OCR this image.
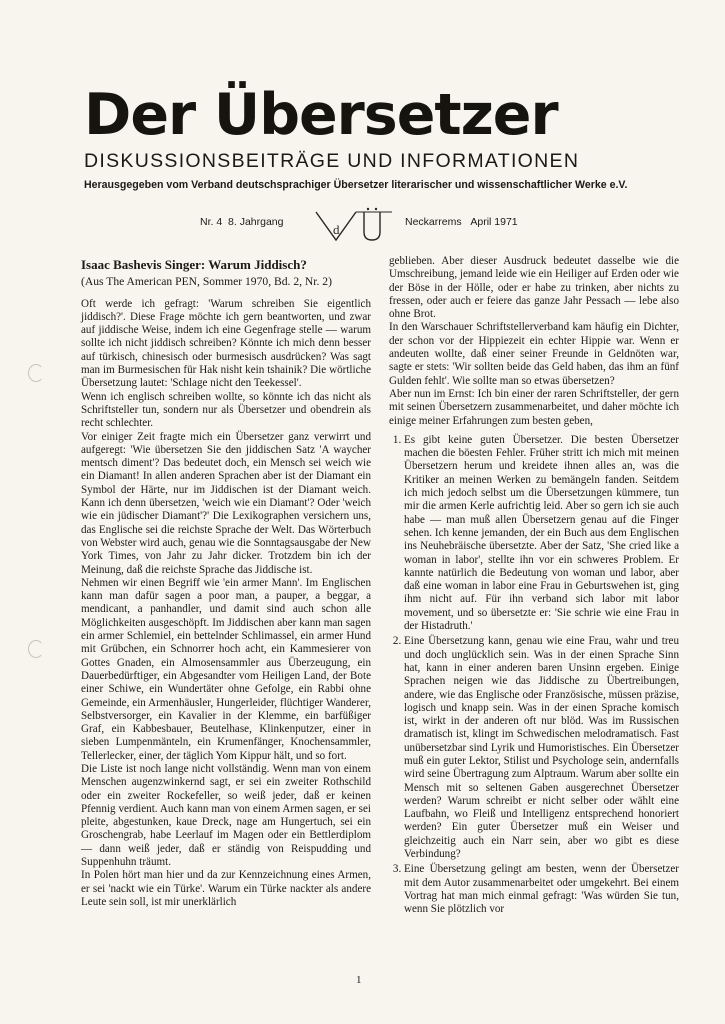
Der Übersetzer
DISKUSSIONSBEITRÄGE UND INFORMATIONEN
Herausgegeben vom Verband deutschsprachiger Übersetzer literarischer und wissenschaftlicher Werke e.V.
Nr. 4 8. Jahrgang	d	Neckarrems April 1971
Isaac Bashevis Singer: Warum Jiddisch?
(Aus The American PEN, Sommer 1970, Bd. 2, Nr. 2)

Oft werde ich gefragt: 'Warum schreiben Sie eigentlich jiddisch?'. Diese Frage möchte ich gern beantworten, und zwar auf jiddische Weise, indem ich eine Gegenfrage stelle — warum sollte ich nicht jiddisch schreiben? Könnte ich mich denn besser auf türkisch, chinesisch oder burmesisch ausdrücken? Was sagt man im Burmesischen für Hak nisht kein tshainik? Die wörtliche Übersetzung lautet: 'Schlage nicht den Teekessel'.

Wenn ich englisch schreiben wollte, so könnte ich das nicht als Schriftsteller tun, sondern nur als Übersetzer und obendrein als recht schlechter.

Vor einiger Zeit fragte mich ein Übersetzer ganz verwirrt und aufgeregt: 'Wie übersetzen Sie den jiddischen Satz 'A waycher mentsch diment'? Das bedeutet doch, ein Mensch sei weich wie ein Diamant! In allen anderen Sprachen aber ist der Diamant ein Symbol der Härte, nur im Jiddischen ist der Diamant weich. Kann ich denn übersetzen, 'weich wie ein Diamant'? Oder 'weich wie ein jüdischer Diamant'?' Die Lexikographen versichern uns, das Englische sei die reichste Sprache der Welt. Das Wörterbuch von Webster wird auch, genau wie die Sonntagsausgabe der New York Times, von Jahr zu Jahr dicker. Trotzdem bin ich der Meinung, daß die reichste Sprache das Jiddische ist.

Nehmen wir einen Begriff wie 'ein armer Mann'. Im Englischen kann man dafür sagen a poor man, a pauper, a beggar, a mendicant, a panhandler, und damit sind auch schon alle Möglichkeiten ausgeschöpft. Im Jiddischen aber kann man sagen ein armer Schlemiel, ein bettelnder Schlimassel, ein armer Hund mit Grübchen, ein Schnorrer hoch acht, ein Kammesierer von Gottes Gnaden, ein Almosensammler aus Überzeugung, ein Dauerbedürftiger, ein Abgesandter vom Heiligen Land, der Bote einer Schiwe, ein Wundertäter ohne Gefolge, ein Rabbi ohne Gemeinde, ein Armenhäusler, Hungerleider, flüchtiger Wanderer, Selbstversorger, ein Kavalier in der Klemme, ein barfüßiger Graf, ein Kabbesbauer, Beutelhase, Klinkenputzer, einer in sieben Lumpenmänteln, ein Krumenfänger, Knochensammler, Tellerlecker, einer, der täglich Yom Kippur hält, und so fort.

Die Liste ist noch lange nicht vollständig. Wenn man von einem Menschen augenzwinkernd sagt, er sei ein zweiter Rothschild oder ein zweiter Rockefeller, so weiß jeder, daß er keinen Pfennig verdient. Auch kann man von einem Armen sagen, er sei pleite, abgestunken, kaue Dreck, nage am Hungertuch, sei ein Groschengrab, habe Leerlauf im Magen oder ein Bettlerdiplom — dann weiß jeder, daß er ständig von Reispudding und Suppenhuhn träumt.

In Polen hört man hier und da zur Kennzeichnung eines Armen, er sei 'nackt wie ein Türke'. Warum ein Türke nackter als andere Leute sein soll, ist mir unerklärlich

geblieben. Aber dieser Ausdruck bedeutet dasselbe wie die Umschreibung, jemand leide wie ein Heiliger auf Erden oder wie der Böse in der Hölle, oder er habe zu trinken, aber nichts zu fressen, oder auch er feiere das ganze Jahr Pessach — lebe also ohne Brot.

In den Warschauer Schriftstellerverband kam häufig ein Dichter, der schon vor der Hippiezeit ein echter Hippie war. Wenn er andeuten wollte, daß einer seiner Freunde in Geldnöten war, sagte er stets: 'Wir sollten beide das Geld haben, das ihm an fünf Gulden fehlt'. Wie sollte man so etwas übersetzen?

Aber nun im Ernst: Ich bin einer der raren Schriftsteller, der gern mit seinen Übersetzern zusammenarbeitet, und daher möchte ich einige meiner Erfahrungen zum besten geben,

1. Es gibt keine guten Übersetzer. Die besten Übersetzer machen die böesten Fehler. Früher stritt ich mich mit meinen Übersetzern herum und kreidete ihnen alles an, was die Kritiker an meinen Werken zu bemängeln fanden. Seitdem ich mich jedoch selbst um die Übersetzungen kümmere, tun mir die armen Kerle aufrichtig leid. Aber so gern ich sie auch habe — man muß allen Übersetzern genau auf die Finger sehen. Ich kenne jemanden, der ein Buch aus dem Englischen ins Neuhebräische übersetzte. Aber der Satz, 'She cried like a woman in labor', stellte ihn vor ein schweres Problem. Er kannte natürlich die Bedeutung von woman und labor, aber daß eine woman in labor eine Frau in Geburtswehen ist, ging ihm nicht auf. Für ihn verband sich labor mit labor movement, und so übersetzte er: 'Sie schrie wie eine Frau in der Histadruth.'
2. Eine Übersetzung kann, genau wie eine Frau, wahr und treu und doch unglücklich sein. Was in der einen Sprache Sinn hat, kann in einer anderen baren Unsinn ergeben. Einige Sprachen neigen wie das Jiddische zu Übertreibungen, andere, wie das Englische oder Französische, müssen präzise, logisch und knapp sein. Was in der einen Sprache komisch ist, wirkt in der anderen oft nur blöd. Was im Russischen dramatisch ist, klingt im Schwedischen melodramatisch. Fast unübersetzbar sind Lyrik und Humoristisches. Ein Übersetzer muß ein guter Lektor, Stilist und Psychologe sein, andernfalls wird seine Übertragung zum Alptraum. Warum aber sollte ein Mensch mit so seltenen Gaben ausgerechnet Übersetzer werden? Warum schreibt er nicht selber oder wählt eine Laufbahn, wo Fleiß und Intelligenz entsprechend honoriert werden? Ein guter Übersetzer muß ein Weiser und gleichzeitig auch ein Narr sein, aber wo gibt es diese Verbindung?
3. Eine Übersetzung gelingt am besten, wenn der Übersetzer mit dem Autor zusammenarbeitet oder umgekehrt. Bei einem Vortrag hat man mich einmal gefragt: 'Was würden Sie tun, wenn Sie plötzlich vor
1
